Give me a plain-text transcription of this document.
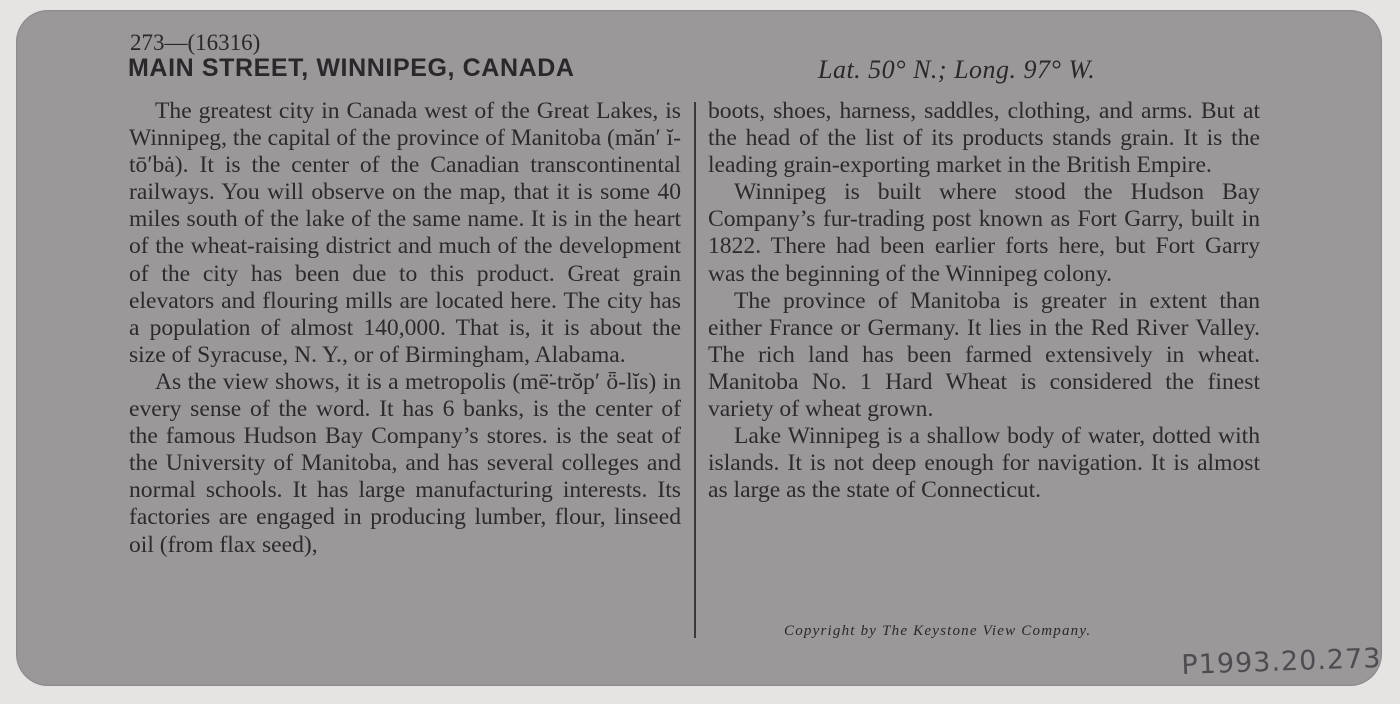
273—(16316)
MAIN STREET, WINNIPEG, CANADA	Lat. 50° N.; Long. 97° W.

The greatest city in Canada west of the Great Lakes, is Winnipeg, the capital of the province of Manitoba (măn′ ĭ-tō′bȧ). It is the center of the Canadian transcontinental railways. You will observe on the map, that it is some 40 miles south of the lake of the same name. It is in the heart of the wheat-raising district and much of the development of the city has been due to this product. Great grain elevators and flouring mills are located here. The city has a population of almost 140,000. That is, it is about the size of Syracuse, N. Y., or of Birmingham, Alabama.

As the view shows, it is a metropolis (mē̈-trŏp′ ȫ-lĭs) in every sense of the word. It has 6 banks, is the center of the famous Hudson Bay Company’s stores. is the seat of the University of Manitoba, and has several colleges and normal schools. It has large manufacturing interests. Its factories are engaged in producing lumber, flour, linseed oil (from flax seed),

boots, shoes, harness, saddles, clothing, and arms. But at the head of the list of its products stands grain. It is the leading grain-exporting market in the British Empire.

Winnipeg is built where stood the Hudson Bay Company’s fur-trading post known as Fort Garry, built in 1822. There had been earlier forts here, but Fort Garry was the beginning of the Winnipeg colony.

The province of Manitoba is greater in extent than either France or Germany. It lies in the Red River Valley. The rich land has been farmed extensively in wheat. Manitoba No. 1 Hard Wheat is considered the finest variety of wheat grown.

Lake Winnipeg is a shallow body of water, dotted with islands. It is not deep enough for navigation. It is almost as large as the state of Connecticut.

Copyright by The Keystone View Company.
P1993.20.273
